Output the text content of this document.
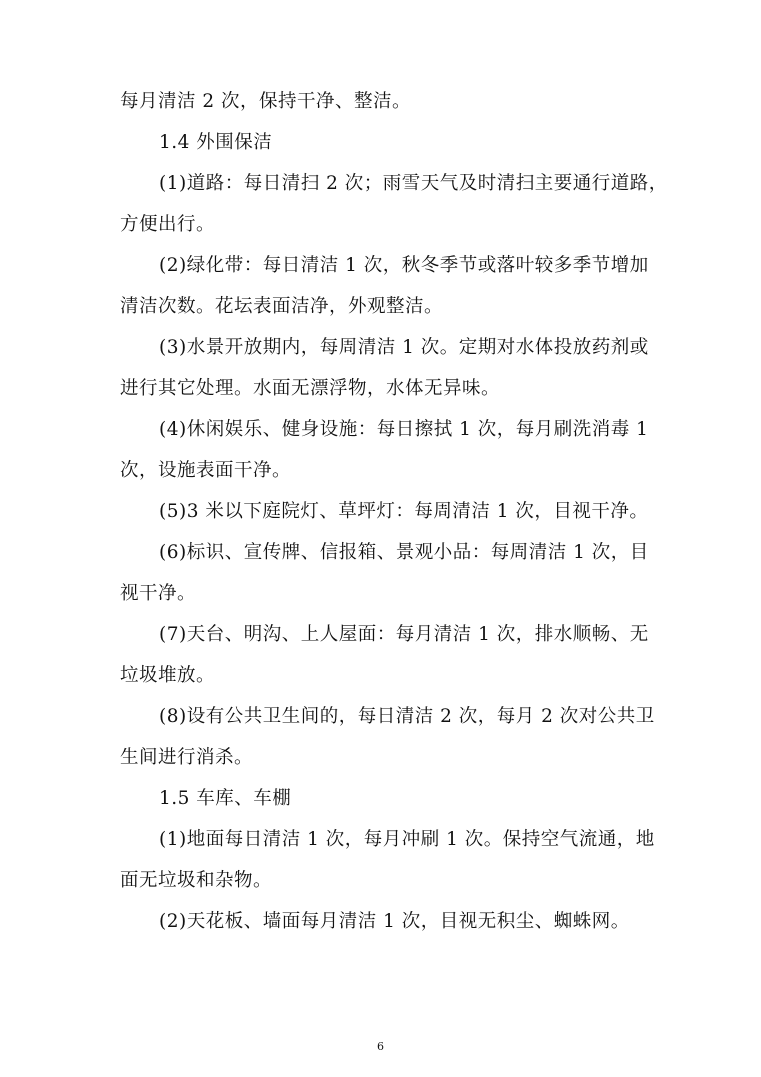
每月清洁 2 次，保持干净、整洁。
1.4 外围保洁
(1)道路：每日清扫 2 次；雨雪天气及时清扫主要通行道路，
方便出行。
(2)绿化带：每日清洁 1 次，秋冬季节或落叶较多季节增加
清洁次数。花坛表面洁净，外观整洁。
(3)水景开放期内，每周清洁 1 次。定期对水体投放药剂或
进行其它处理。水面无漂浮物，水体无异味。
(4)休闲娱乐、健身设施：每日擦拭 1 次，每月刷洗消毒 1
次，设施表面干净。
(5)3 米以下庭院灯、草坪灯：每周清洁 1 次，目视干净。
(6)标识、宣传牌、信报箱、景观小品：每周清洁 1 次，目
视干净。
(7)天台、明沟、上人屋面：每月清洁 1 次，排水顺畅、无
垃圾堆放。
(8)设有公共卫生间的，每日清洁 2 次，每月 2 次对公共卫
生间进行消杀。
1.5 车库、车棚
(1)地面每日清洁 1 次，每月冲刷 1 次。保持空气流通，地
面无垃圾和杂物。
(2)天花板、墙面每月清洁 1 次，目视无积尘、蜘蛛网。
6
